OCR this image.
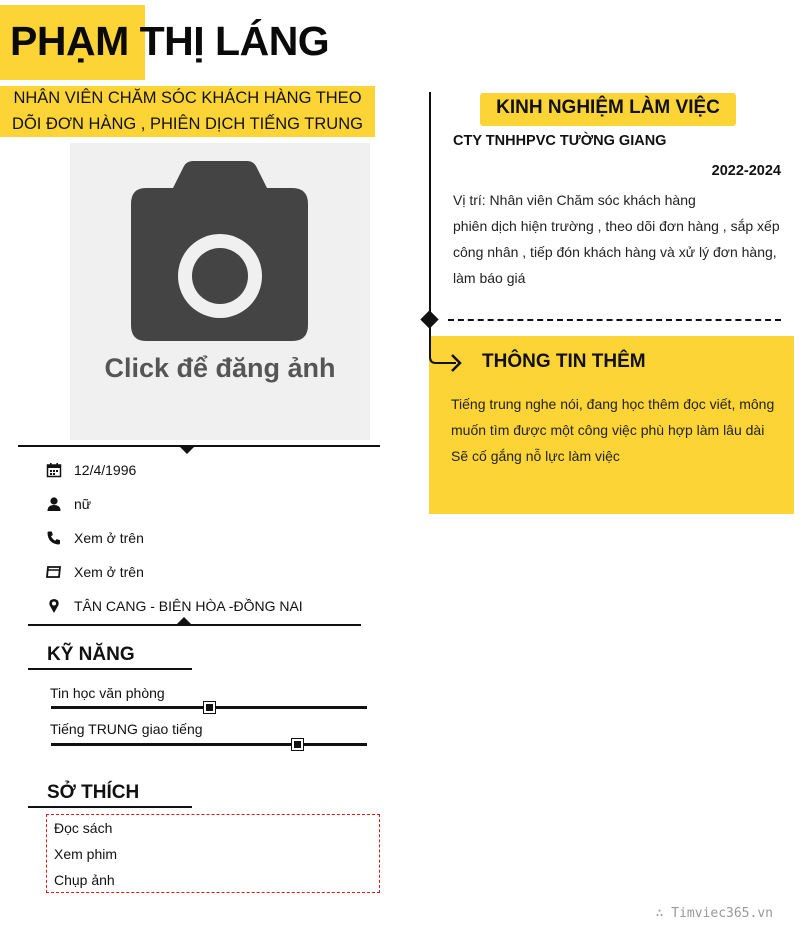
PHẠM THỊ LÁNG
NHÂN VIÊN CHĂM SÓC KHÁCH HÀNG THEO
DÕI ĐƠN HÀNG , PHIÊN DỊCH TIẾNG TRUNG
Click để đăng ảnh
12/4/1996
nữ
Xem ở trên
Xem ở trên
TÂN CANG - BIÊN HÒA -ĐỒNG NAI
KỸ NĂNG
Tin học văn phòng
Tiếng TRUNG giao tiếng
SỞ THÍCH
Đọc sách
Xem phim
Chụp ảnh
KINH NGHIỆM LÀM VIỆC
CTY TNHHPVC TƯỜNG GIANG
2022-2024
Vị trí: Nhân viên Chăm sóc khách hàng
phiên dịch hiện trường , theo dõi đơn hàng , sắp xếp
công nhân , tiếp đón khách hàng và xử lý đơn hàng,
làm báo giá
THÔNG TIN THÊM
Tiếng trung nghe nói, đang học thêm đọc viết, mông
muốn tìm được một công việc phù hợp làm lâu dài
Sẽ cố gắng nỗ lực làm việc
∴ Timviec365.vn
